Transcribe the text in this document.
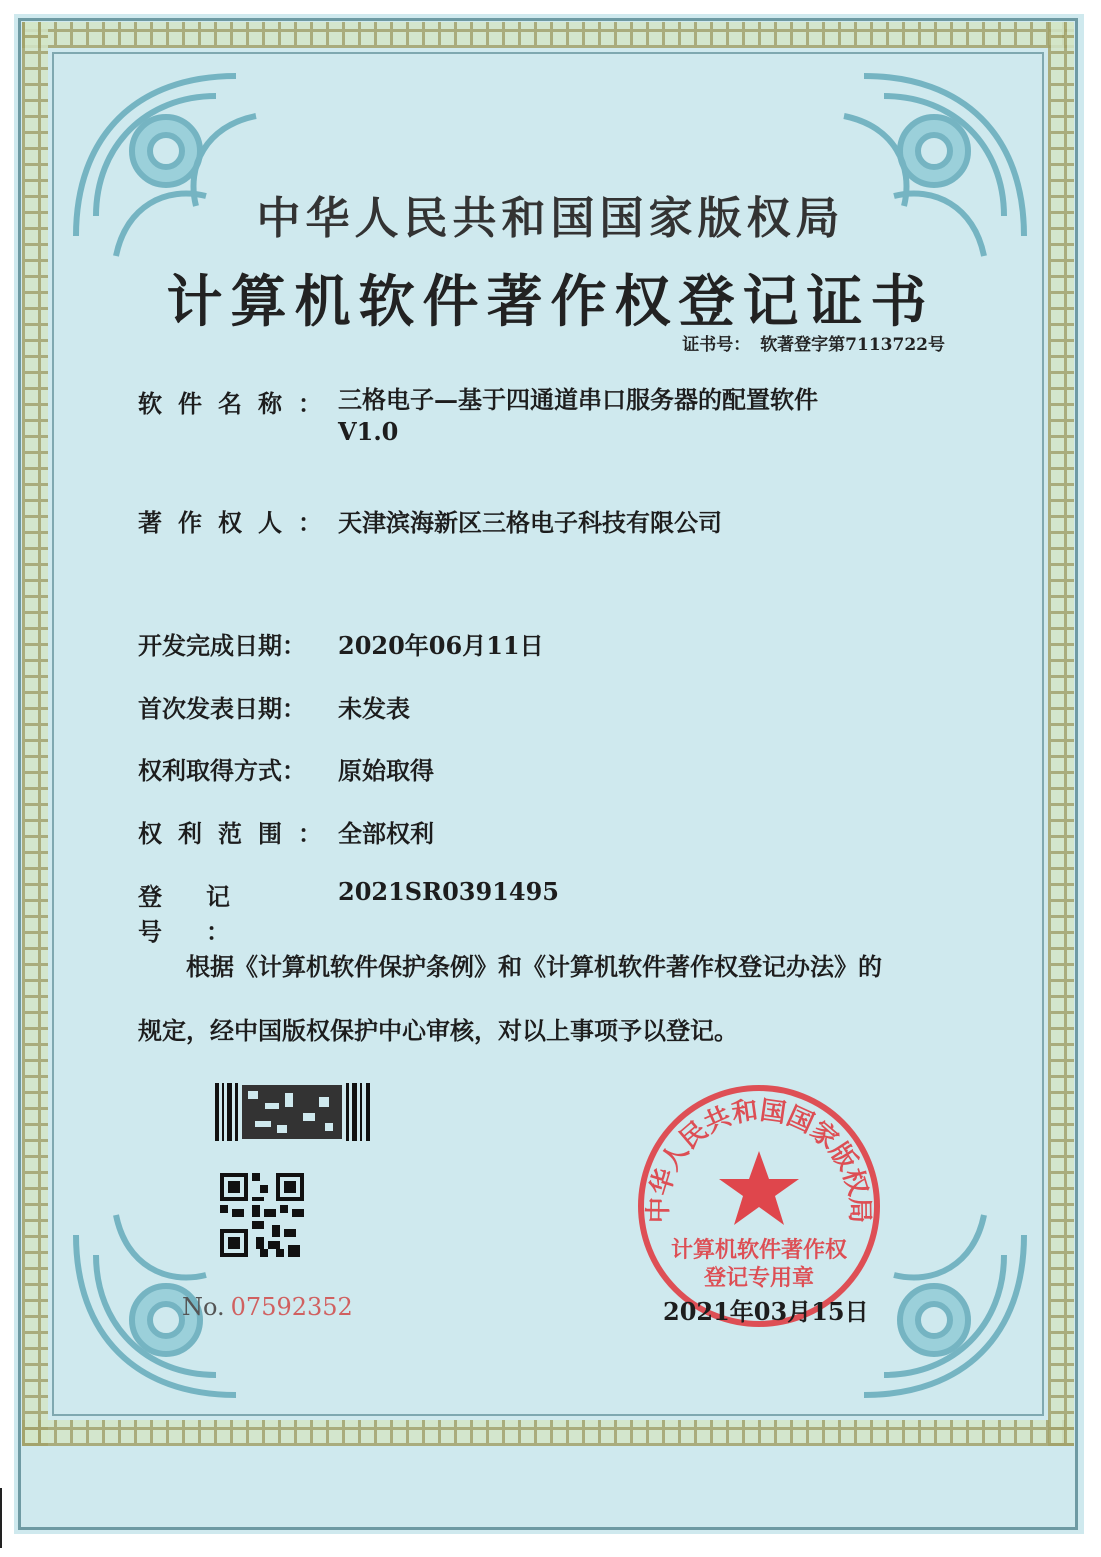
中华人民共和国国家版权局
计算机软件著作权登记证书
证书号： 软著登字第7113722号
软件名称：三格电子—基于四通道串口服务器的配置软件
V1.0
著作权人：天津滨海新区三格电子科技有限公司
开发完成日期： 2020年06月11日
首次发表日期： 未发表
权利取得方式： 原始取得
权利范围：全部权利
登记号：2021SR0391495
根据《计算机软件保护条例》和《计算机软件著作权登记办法》的
规定，经中国版权保护中心审核，对以上事项予以登记。
No. 07592352
中华人民共和国国家版权局
计算机软件著作权
登记专用章
2021年03月15日
